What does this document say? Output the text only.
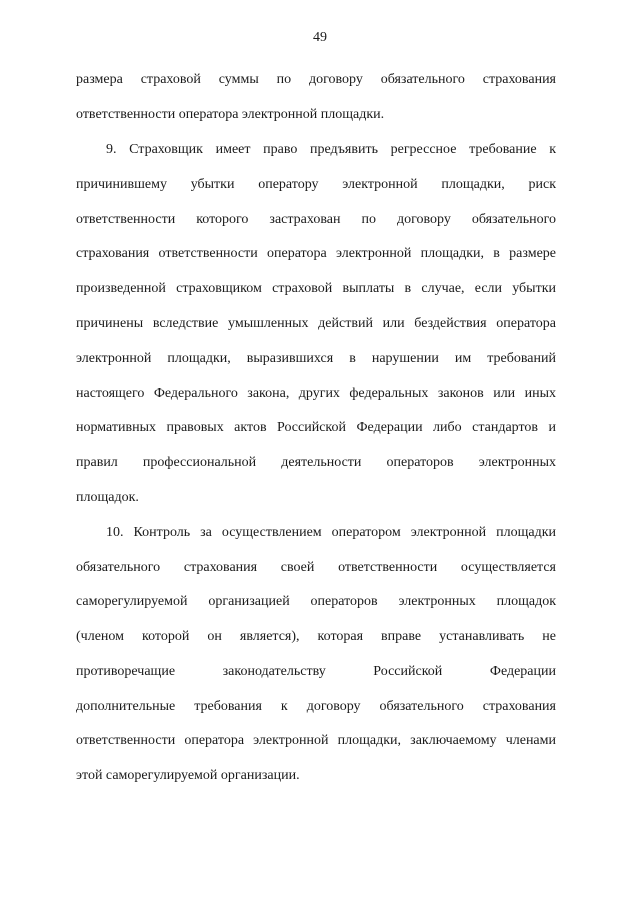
49
размера страховой суммы по договору обязательного страхования
ответственности оператора электронной площадки.
9. Страховщик имеет право предъявить регрессное требование к
причинившему убытки оператору электронной площадки, риск
ответственности которого застрахован по договору обязательного
страхования ответственности оператора электронной площадки, в размере
произведенной страховщиком страховой выплаты в случае, если убытки
причинены вследствие умышленных действий или бездействия оператора
электронной площадки, выразившихся в нарушении им требований
настоящего Федерального закона, других федеральных законов или иных
нормативных правовых актов Российской Федерации либо стандартов и
правил профессиональной деятельности операторов электронных
площадок.
10. Контроль за осуществлением оператором электронной площадки
обязательного страхования своей ответственности осуществляется
саморегулируемой организацией операторов электронных площадок
(членом которой он является), которая вправе устанавливать не
противоречащие законодательству Российской Федерации
дополнительные требования к договору обязательного страхования
ответственности оператора электронной площадки, заключаемому членами
этой саморегулируемой организации.
